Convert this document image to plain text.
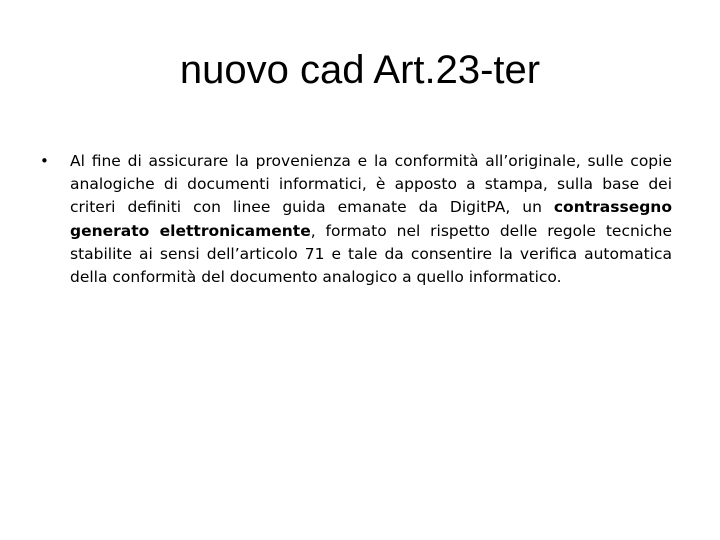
nuovo cad Art.23-ter
• Al fine di assicurare la provenienza e la conformità all’originale, sulle copie analogiche di documenti informatici, è apposto a stampa, sulla base dei criteri definiti con linee guida emanate da DigitPA, un contrassegno generato elettronicamente, formato nel rispetto delle regole tecniche stabilite ai sensi dell’articolo 71 e tale da consentire la verifica automatica della conformità del documento analogico a quello informatico.
